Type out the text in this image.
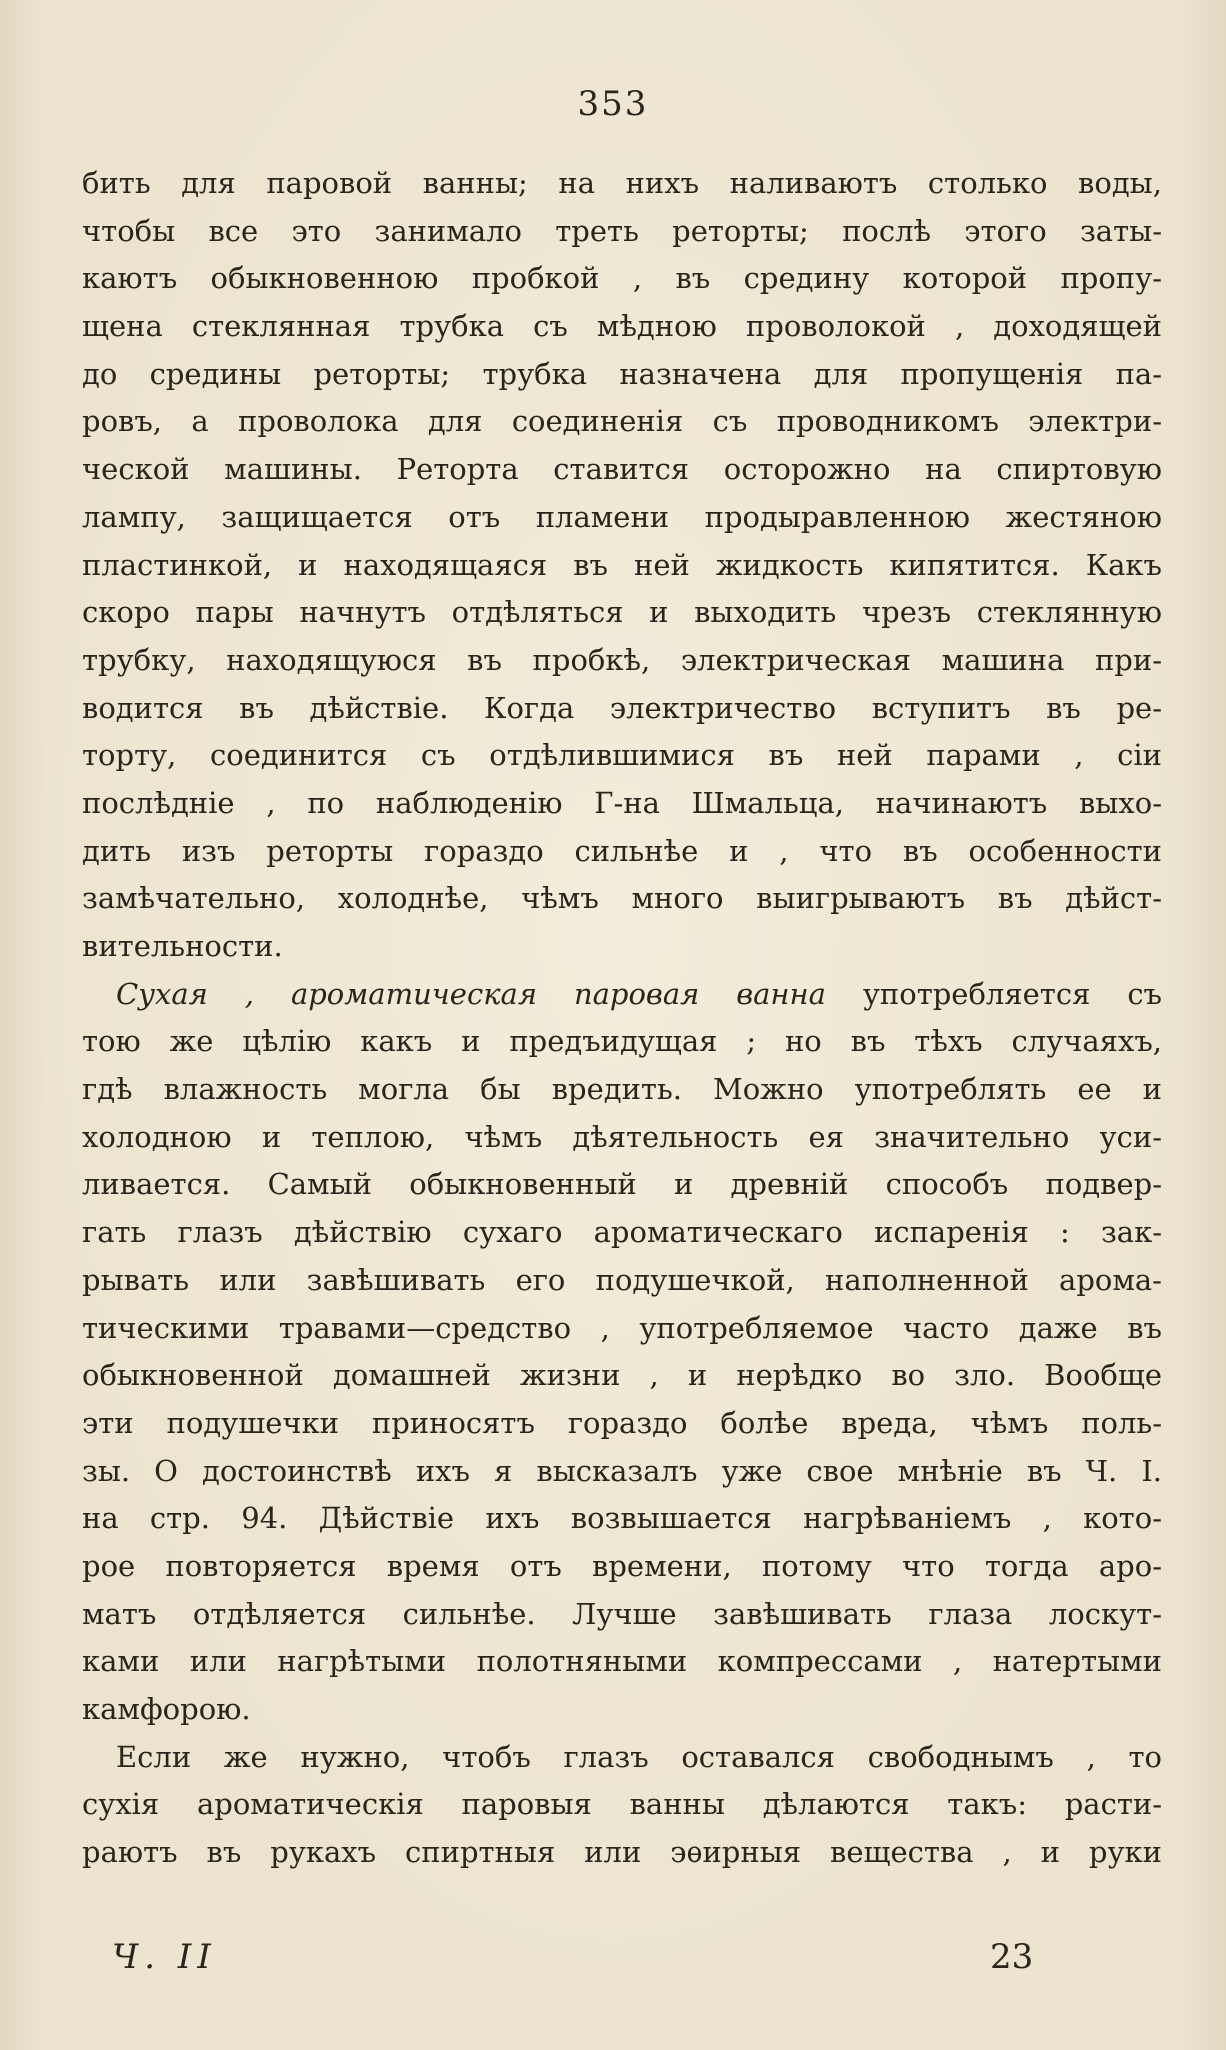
353
бить для паровой ванны; на нихъ наливаютъ столько воды,
чтобы все это занимало треть реторты; послѣ этого заты-
каютъ обыкновенною пробкой , въ средину которой пропу-
щена стеклянная трубка съ мѣдною проволокой , доходящей
до средины реторты; трубка назначена для пропущенія па-
ровъ, а проволока для соединенія съ проводникомъ электри-
ческой машины. Реторта ставится осторожно на спиртовую
лампу, защищается отъ пламени продыравленною жестяною
пластинкой, и находящаяся въ ней жидкость кипятится. Какъ
скоро пары начнутъ отдѣляться и выходить чрезъ стеклянную
трубку, находящуюся въ пробкѣ, электрическая машина при-
водится въ дѣйствіе. Когда электричество вступитъ въ ре-
торту, соединится съ отдѣлившимися въ ней парами , сіи
послѣдніе , по наблюденію Г-на Шмальца, начинаютъ выхо-
дить изъ реторты гораздо сильнѣе и , что въ особенности
замѣчательно, холоднѣе, чѣмъ много выигрываютъ въ дѣйст-
вительности.
Сухая , ароматическая паровая ванна употребляется съ
тою же цѣлію какъ и предъидущая ; но въ тѣхъ случаяхъ,
гдѣ влажность могла бы вредить. Можно употреблять ее и
холодною и теплою, чѣмъ дѣятельность ея значительно уси-
ливается. Самый обыкновенный и древній способъ подвер-
гать глазъ дѣйствію сухаго ароматическаго испаренія : зак-
рывать или завѣшивать его подушечкой, наполненной арома-
тическими травами—средство , употребляемое часто даже въ
обыкновенной домашней жизни , и нерѣдко во зло. Вообще
эти подушечки приносятъ гораздо болѣе вреда, чѣмъ поль-
зы. О достоинствѣ ихъ я высказалъ уже свое мнѣніе въ Ч. I.
на стр. 94. Дѣйствіе ихъ возвышается нагрѣваніемъ , кото-
рое повторяется время отъ времени, потому что тогда аро-
матъ отдѣляется сильнѣе. Лучше завѣшивать глаза лоскут-
ками или нагрѣтыми полотняными компрессами , натертыми
камфорою.
Если же нужно, чтобъ глазъ оставался свободнымъ , то
сухія ароматическія паровыя ванны дѣлаются такъ: расти-
раютъ въ рукахъ спиртныя или эѳирныя вещества , и руки
Ч. II	23
